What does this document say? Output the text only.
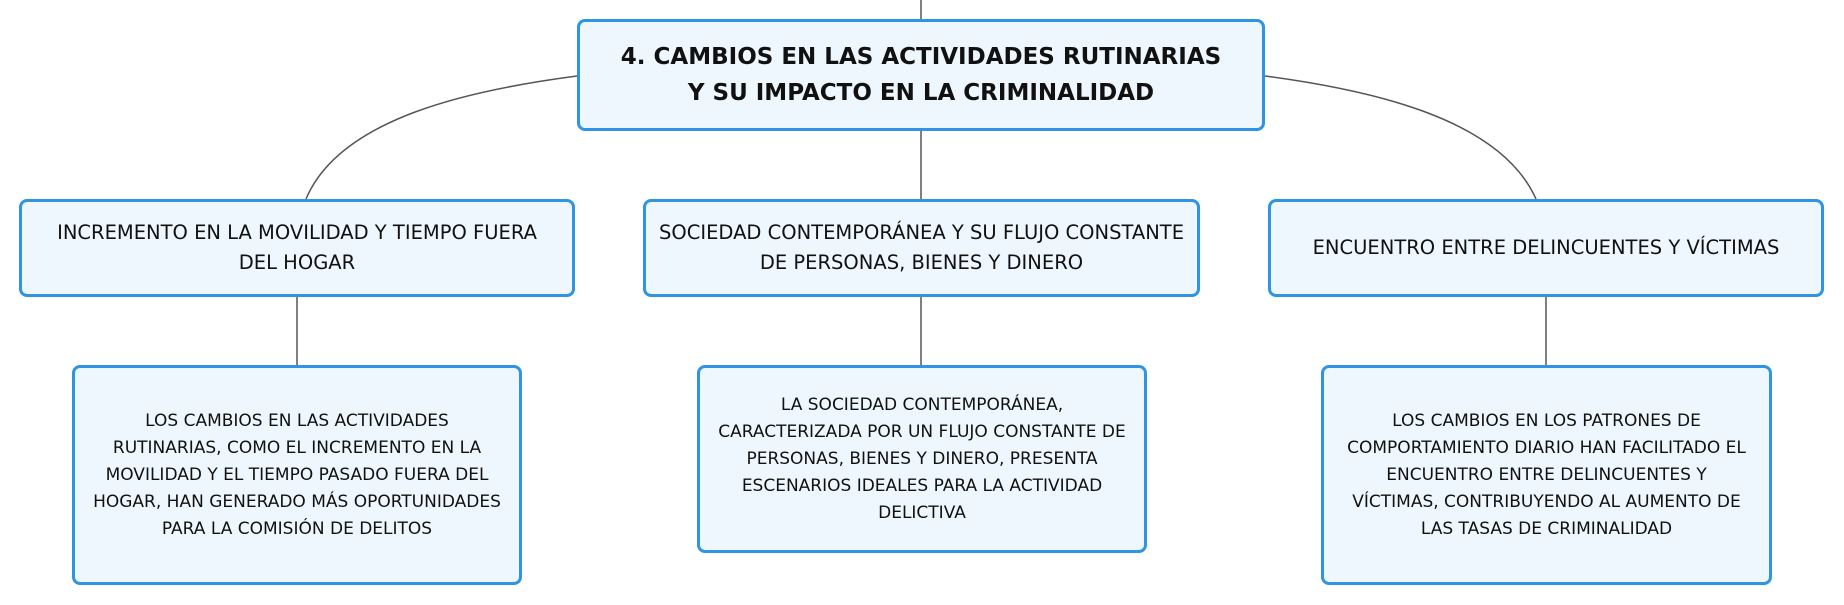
4. CAMBIOS EN LAS ACTIVIDADES RUTINARIAS Y SU IMPACTO EN LA CRIMINALIDAD
INCREMENTO EN LA MOVILIDAD Y TIEMPO FUERA DEL HOGAR
SOCIEDAD CONTEMPORÁNEA Y SU FLUJO CONSTANTE DE PERSONAS, BIENES Y DINERO
ENCUENTRO ENTRE DELINCUENTES Y VÍCTIMAS
LOS CAMBIOS EN LAS ACTIVIDADES RUTINARIAS, COMO EL INCREMENTO EN LA MOVILIDAD Y EL TIEMPO PASADO FUERA DEL HOGAR, HAN GENERADO MÁS OPORTUNIDADES PARA LA COMISIÓN DE DELITOS
LA SOCIEDAD CONTEMPORÁNEA, CARACTERIZADA POR UN FLUJO CONSTANTE DE PERSONAS, BIENES Y DINERO, PRESENTA ESCENARIOS IDEALES PARA LA ACTIVIDAD DELICTIVA
LOS CAMBIOS EN LOS PATRONES DE COMPORTAMIENTO DIARIO HAN FACILITADO EL ENCUENTRO ENTRE DELINCUENTES Y VÍCTIMAS, CONTRIBUYENDO AL AUMENTO DE LAS TASAS DE CRIMINALIDAD
